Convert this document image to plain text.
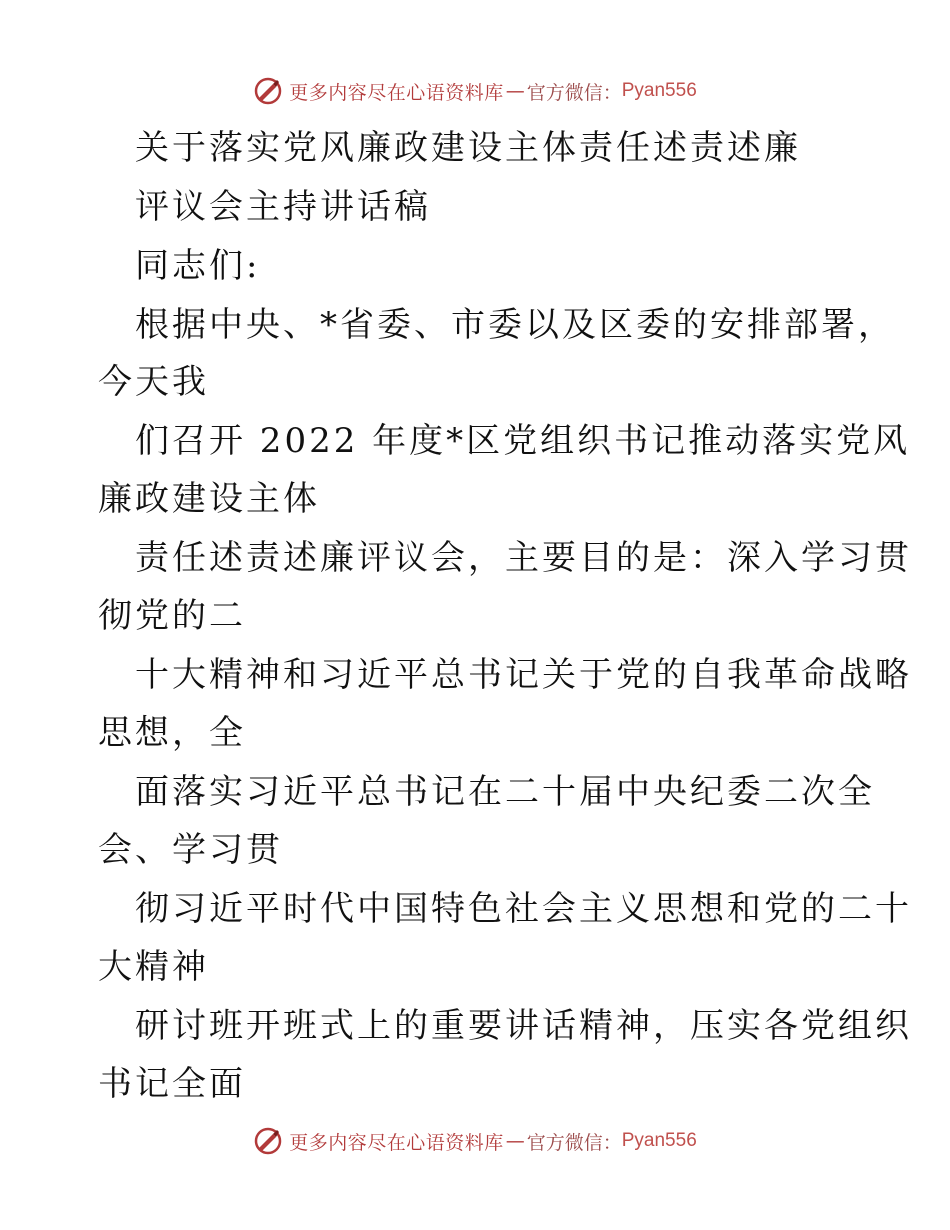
更多内容尽在心语资料库 — 官方微信： Pyan556
关于落实党风廉政建设主体责任述责述廉
评议会主持讲话稿
同志们:
根据中央、*省委、市委以及区委的安排部署，
今天我
们召开 2022 年度*区党组织书记推动落实党风
廉政建设主体
责任述责述廉评议会，主要目的是：深入学习贯
彻党的二
十大精神和习近平总书记关于党的自我革命战略
思想，全
面落实习近平总书记在二十届中央纪委二次全
会、学习贯
彻习近平时代中国特色社会主义思想和党的二十
大精神
研讨班开班式上的重要讲话精神，压实各党组织
书记全面
更多内容尽在心语资料库 — 官方微信： Pyan556
